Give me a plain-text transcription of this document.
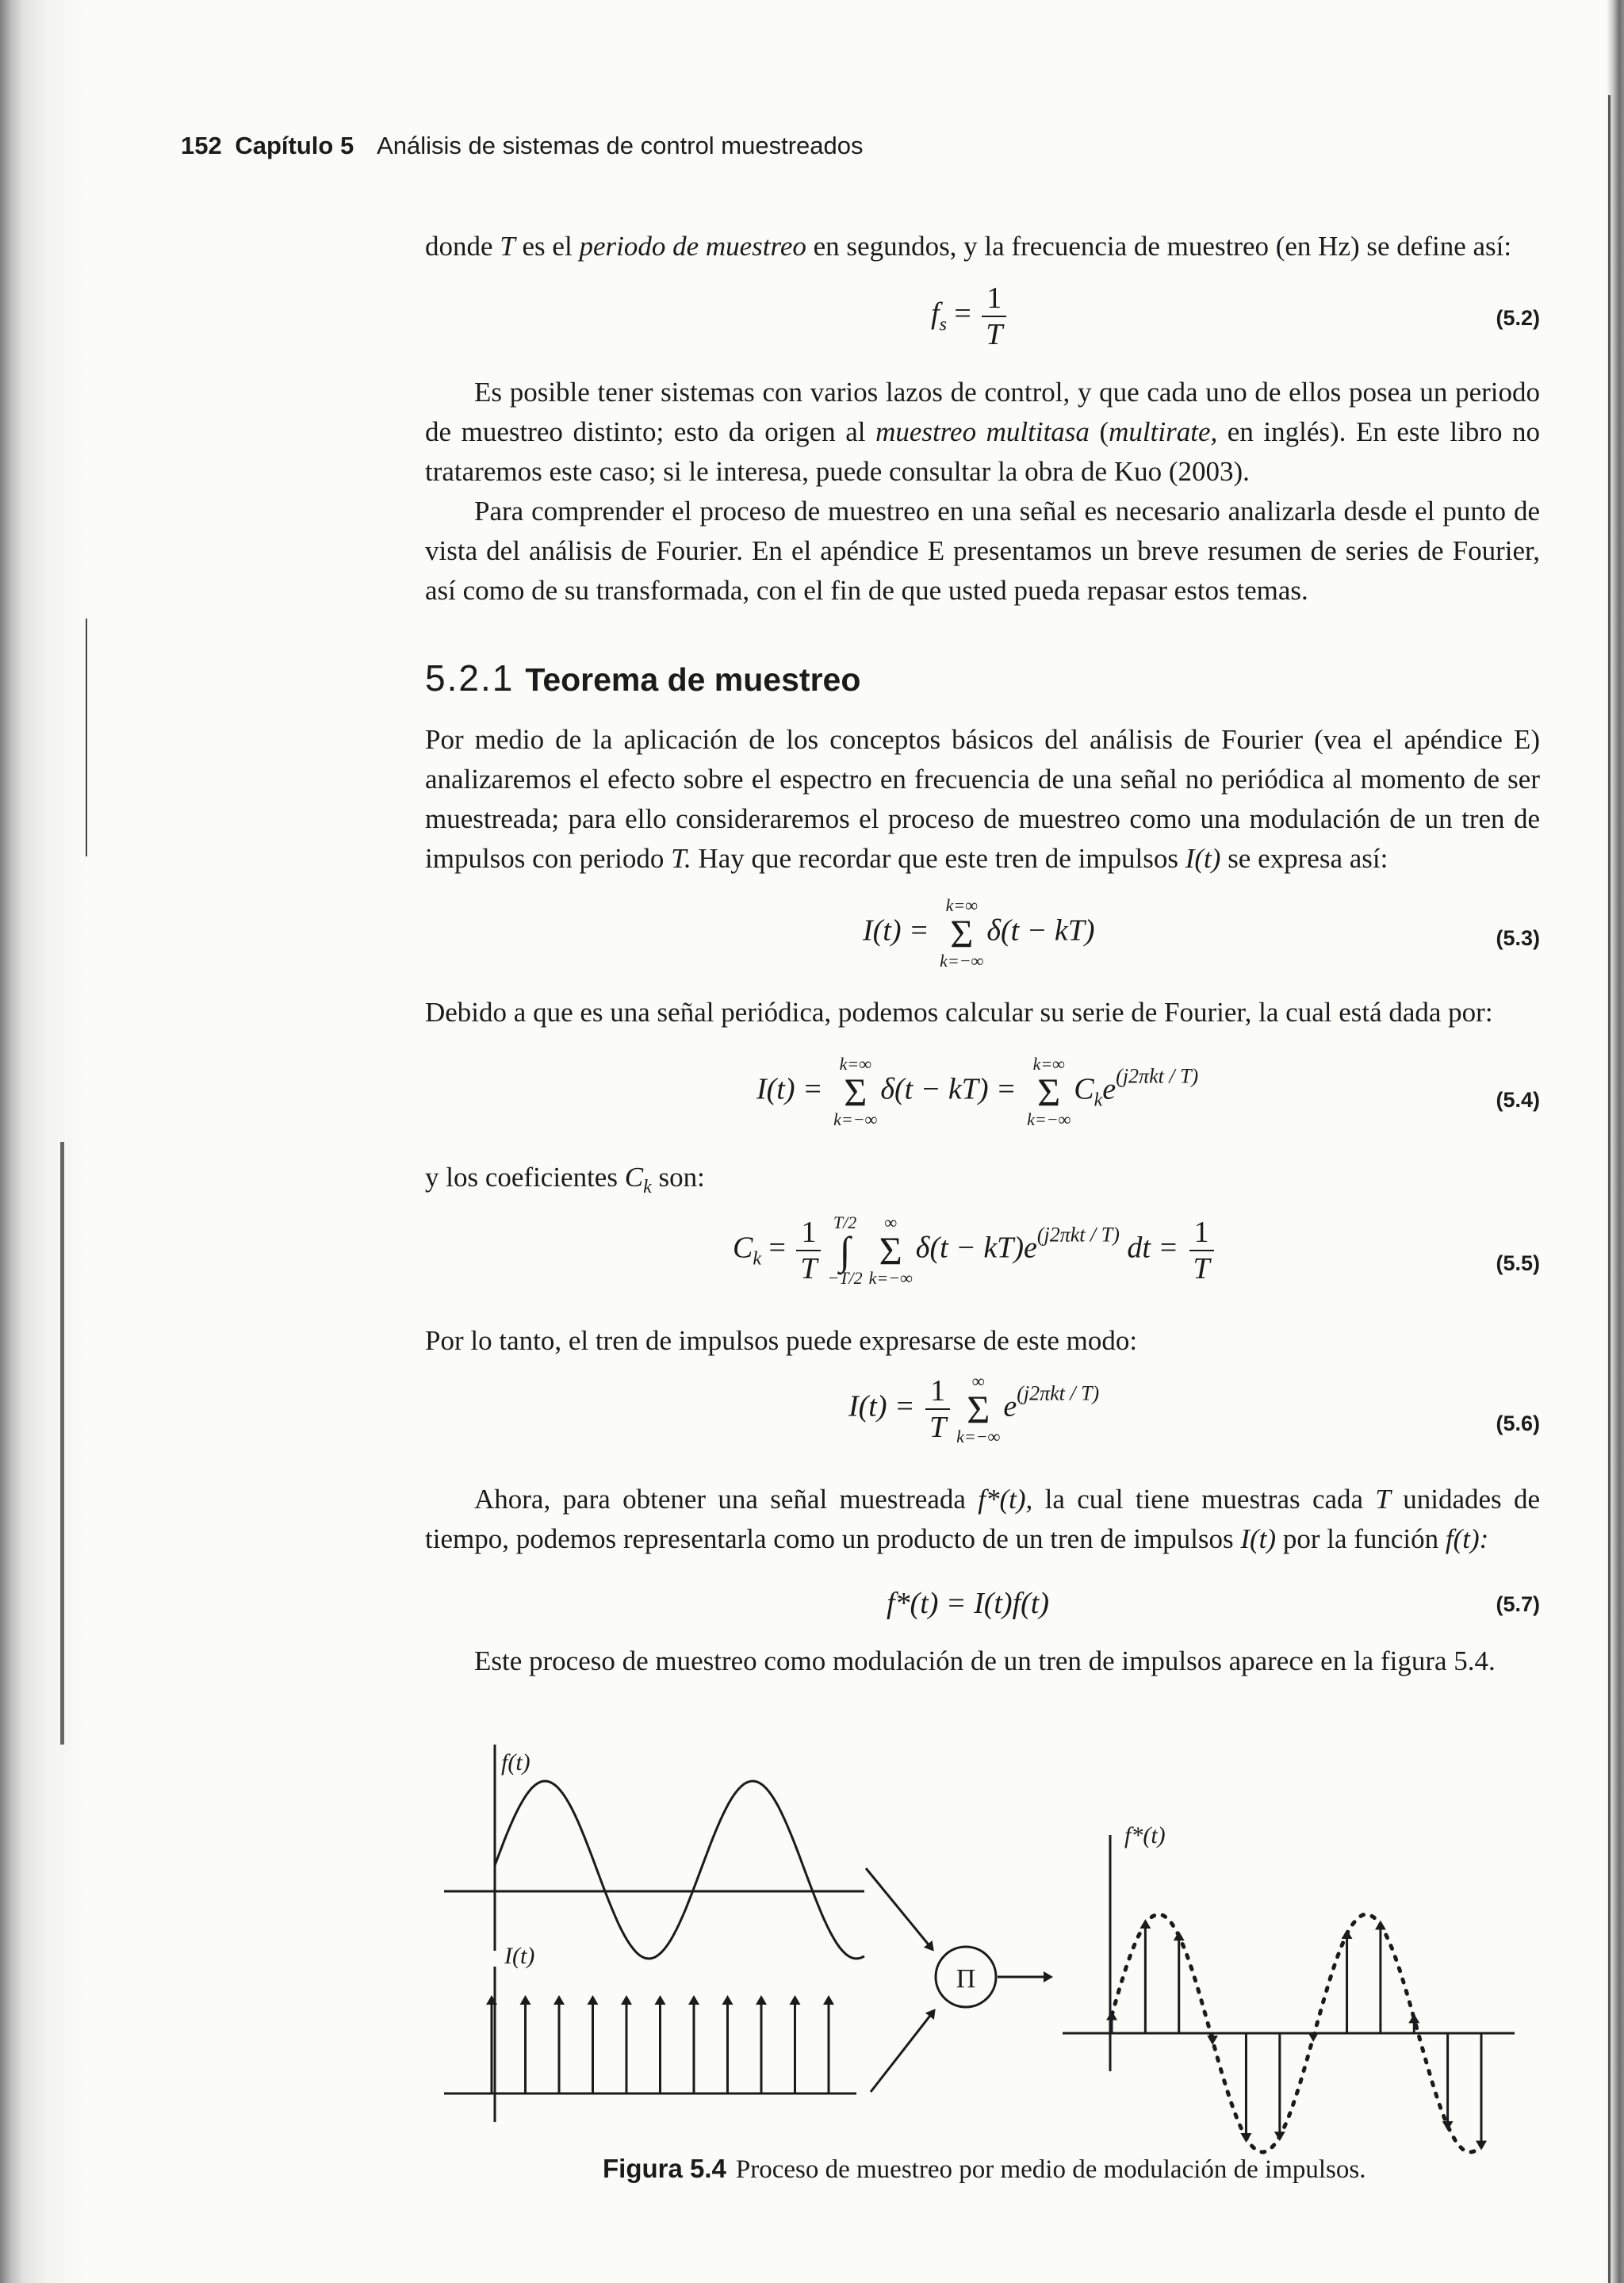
152 Capítulo 5 Análisis de sistemas de control muestreados

donde T es el periodo de muestreo en segundos, y la frecuencia de muestreo (en Hz) se define así:

$f_s = \frac{1}{T}$	(5.2)

Es posible tener sistemas con varios lazos de control, y que cada uno de ellos posea un periodo de muestreo distinto; esto da origen al muestreo multitasa (multirate, en inglés). En este libro no trataremos este caso; si le interesa, puede consultar la obra de Kuo (2003).

Para comprender el proceso de muestreo en una señal es necesario analizarla desde el punto de vista del análisis de Fourier. En el apéndice E presentamos un breve resumen de series de Fourier, así como de su transformada, con el fin de que usted pueda repasar estos temas.

5.2.1 Teorema de muestreo

Por medio de la aplicación de los conceptos básicos del análisis de Fourier (vea el apéndice E) analizaremos el efecto sobre el espectro en frecuencia de una señal no periódica al momento de ser muestreada; para ello consideraremos el proceso de muestreo como una modulación de un tren de impulsos con periodo T. Hay que recordar que este tren de impulsos I(t) se expresa así:

I(t) =
k=∞
Σ
k=−∞
δ(t − kT)	(5.3)

Debido a que es una señal periódica, podemos calcular su serie de Fourier, la cual está dada por:

I(t) =
k=∞
Σ
k=−∞
δ(t − kT) =
k=∞
Σ
k=−∞
$C_ke^{(j2\pi kt / T)}$
(5.4)

y los coeficientes $C_k$ son:

$C_k = \frac{1}{T} T/2$
∫
−T/2
∞
Σ
k=−∞
$\delta(t - kT)e^{(j2\pi kt / T)}$ dt = $\frac{1}{T}$	(5.5)

Por lo tanto, el tren de impulsos puede expresarse de este modo:

$I(t) = \frac{1}{T}$ ∞
Σ
k=−∞
$e^{(j2\pi kt / T)}$
(5.6)

Ahora, para obtener una señal muestreada f*(t), la cual tiene muestras cada T unidades de tiempo, podemos representarla como un producto de un tren de impulsos I(t) por la función f(t):

f*(t) = I(t)f(t)	(5.7)

Este proceso de muestreo como modulación de un tren de impulsos aparece en la figura 5.4.

f(t)
I(t)
f*(t)
Π
Figura 5.4 Proceso de muestreo por medio de modulación de impulsos.
